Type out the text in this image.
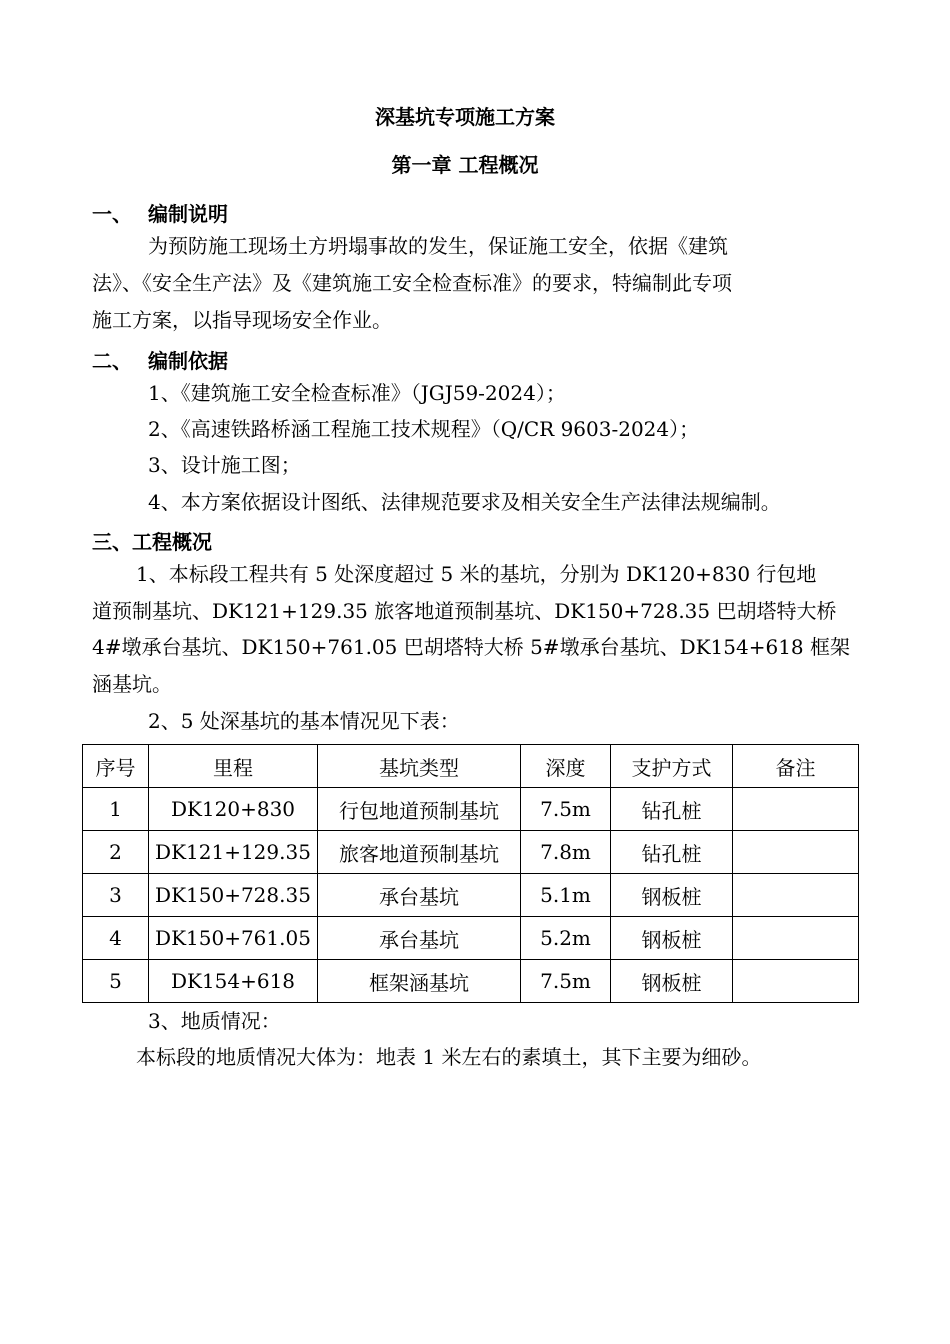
深基坑专项施工方案
第一章 工程概况
一、 编制说明
为预防施工现场土方坍塌事故的发生，保证施工安全，依据《建筑
法》、《安全生产法》及《建筑施工安全检查标准》的要求，特编制此专项
施工方案，以指导现场安全作业。
二、 编制依据
1、《建筑施工安全检查标准》（JGJ59-2024）；
2、《高速铁路桥涵工程施工技术规程》（Q/CR 9603-2024）；
3、设计施工图；
4、本方案依据设计图纸、法律规范要求及相关安全生产法律法规编制。
三、工程概况
1、本标段工程共有 5 处深度超过 5 米的基坑，分别为 DK120+830 行包地
道预制基坑、DK121+129.35 旅客地道预制基坑、DK150+728.35 巴胡塔特大桥
4#墩承台基坑、DK150+761.05 巴胡塔特大桥 5#墩承台基坑、DK154+618 框架
涵基坑。
2、5 处深基坑的基本情况见下表：
序号	里程	基坑类型	深度	支护方式	备注
1	DK120+830	行包地道预制基坑	7.5m	钻孔桩	
2	DK121+129.35	旅客地道预制基坑	7.8m	钻孔桩	
3	DK150+728.35	承台基坑	5.1m	钢板桩	
4	DK150+761.05	承台基坑	5.2m	钢板桩	
5	DK154+618	框架涵基坑	7.5m	钢板桩	
3、地质情况：
本标段的地质情况大体为：地表 1 米左右的素填土，其下主要为细砂。
